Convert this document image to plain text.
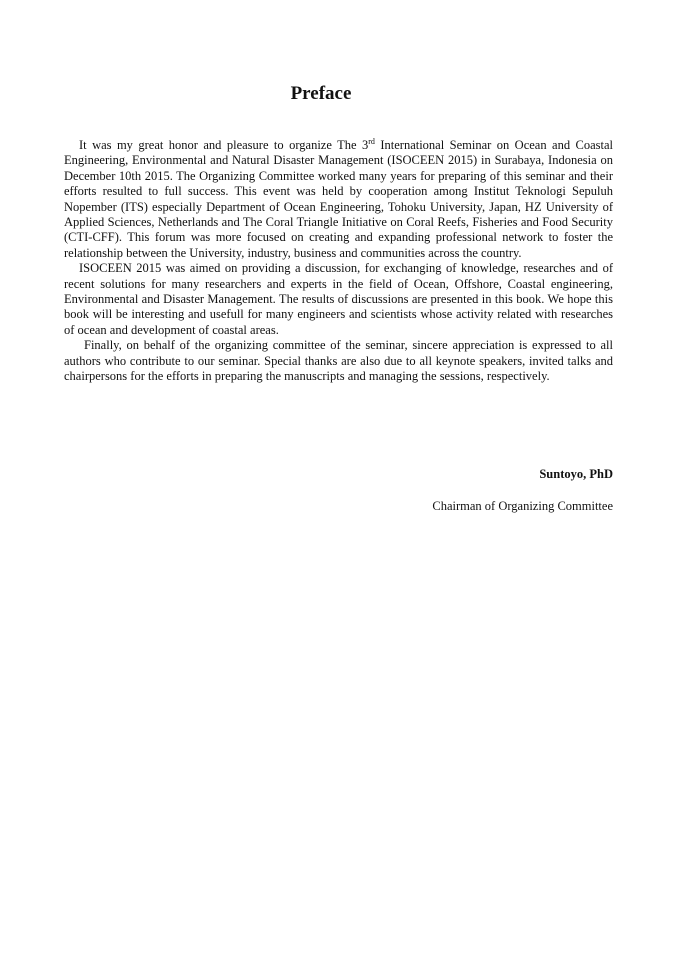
Preface

It was my great honor and pleasure to organize The 3rd International Seminar on Ocean and Coastal Engineering, Environmental and Natural Disaster Management (ISOCEEN 2015) in Surabaya, Indonesia on December 10th 2015. The Organizing Committee worked many years for preparing of this seminar and their efforts resulted to full success. This event was held by cooperation among Institut Teknologi Sepuluh Nopember (ITS) especially Department of Ocean Engineering, Tohoku University, Japan, HZ University of Applied Sciences, Netherlands and The Coral Triangle Initiative on Coral Reefs, Fisheries and Food Security (CTI-CFF). This forum was more focused on creating and expanding professional network to foster the relationship between the University, industry, business and communities across the country.

ISOCEEN 2015 was aimed on providing a discussion, for exchanging of knowledge, researches and of recent solutions for many researchers and experts in the field of Ocean, Offshore, Coastal engineering, Environmental and Disaster Management. The results of discussions are presented in this book. We hope this book will be interesting and usefull for many engineers and scientists whose activity related with researches of ocean and development of coastal areas.

Finally, on behalf of the organizing committee of the seminar, sincere appreciation is expressed to all authors who contribute to our seminar. Special thanks are also due to all keynote speakers, invited talks and chairpersons for the efforts in preparing the manuscripts and managing the sessions, respectively.

Suntoyo, PhD
Chairman of Organizing Committee
